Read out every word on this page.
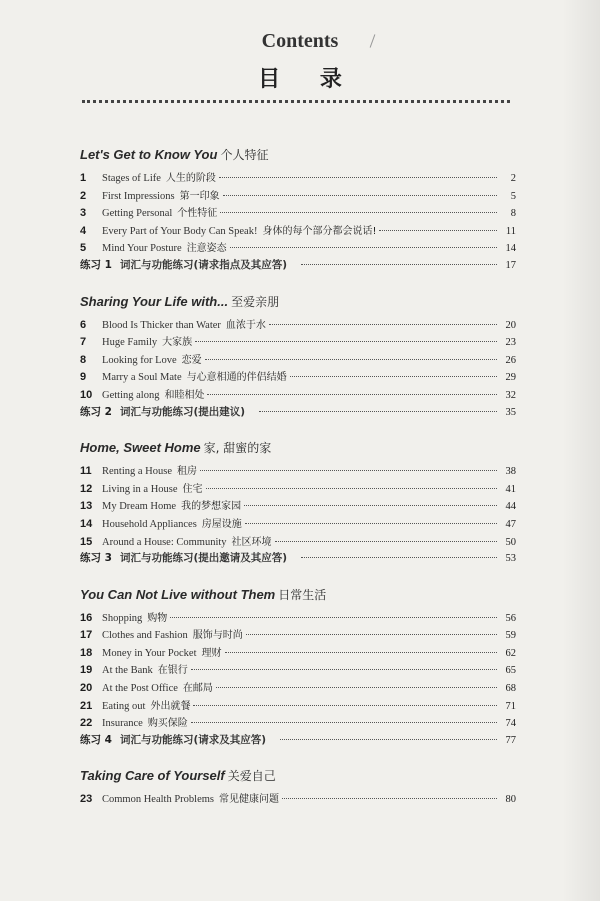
Contents
目 录
Let's Get to Know You 个人特征
1	Stages of Life 人生的阶段	2
2	First Impressions 第一印象	5
3	Getting Personal 个性特征	8
4	Every Part of Your Body Can Speak! 身体的每个部分都会说话!	11
5	Mind Your Posture 注意姿态	14
练习 1 词汇与功能练习(请求指点及其应答)	17
Sharing Your Life with... 至爱亲朋
6	Blood Is Thicker than Water 血浓于水	20
7	Huge Family 大家族	23
8	Looking for Love 恋爱	26
9	Marry a Soul Mate 与心意相通的伴侣结婚	29
10 Getting along 和睦相处	32
练习 2 词汇与功能练习(提出建议)	35
Home, Sweet Home 家, 甜蜜的家
11 Renting a House 租房	38
12 Living in a House 住宅	41
13 My Dream Home 我的梦想家园	44
14 Household Appliances 房屋设施	47
15 Around a House: Community 社区环境	50
练习 3 词汇与功能练习(提出邀请及其应答)	53
You Can Not Live without Them 日常生活
16 Shopping 购物	56
17 Clothes and Fashion 服饰与时尚	59
18 Money in Your Pocket 理财	62
19 At the Bank 在银行	65
20 At the Post Office 在邮局	68
21 Eating out 外出就餐	71
22 Insurance 购买保险	74
练习 4 词汇与功能练习(请求及其应答)	77
Taking Care of Yourself 关爱自己
23 Common Health Problems 常见健康问题	80
